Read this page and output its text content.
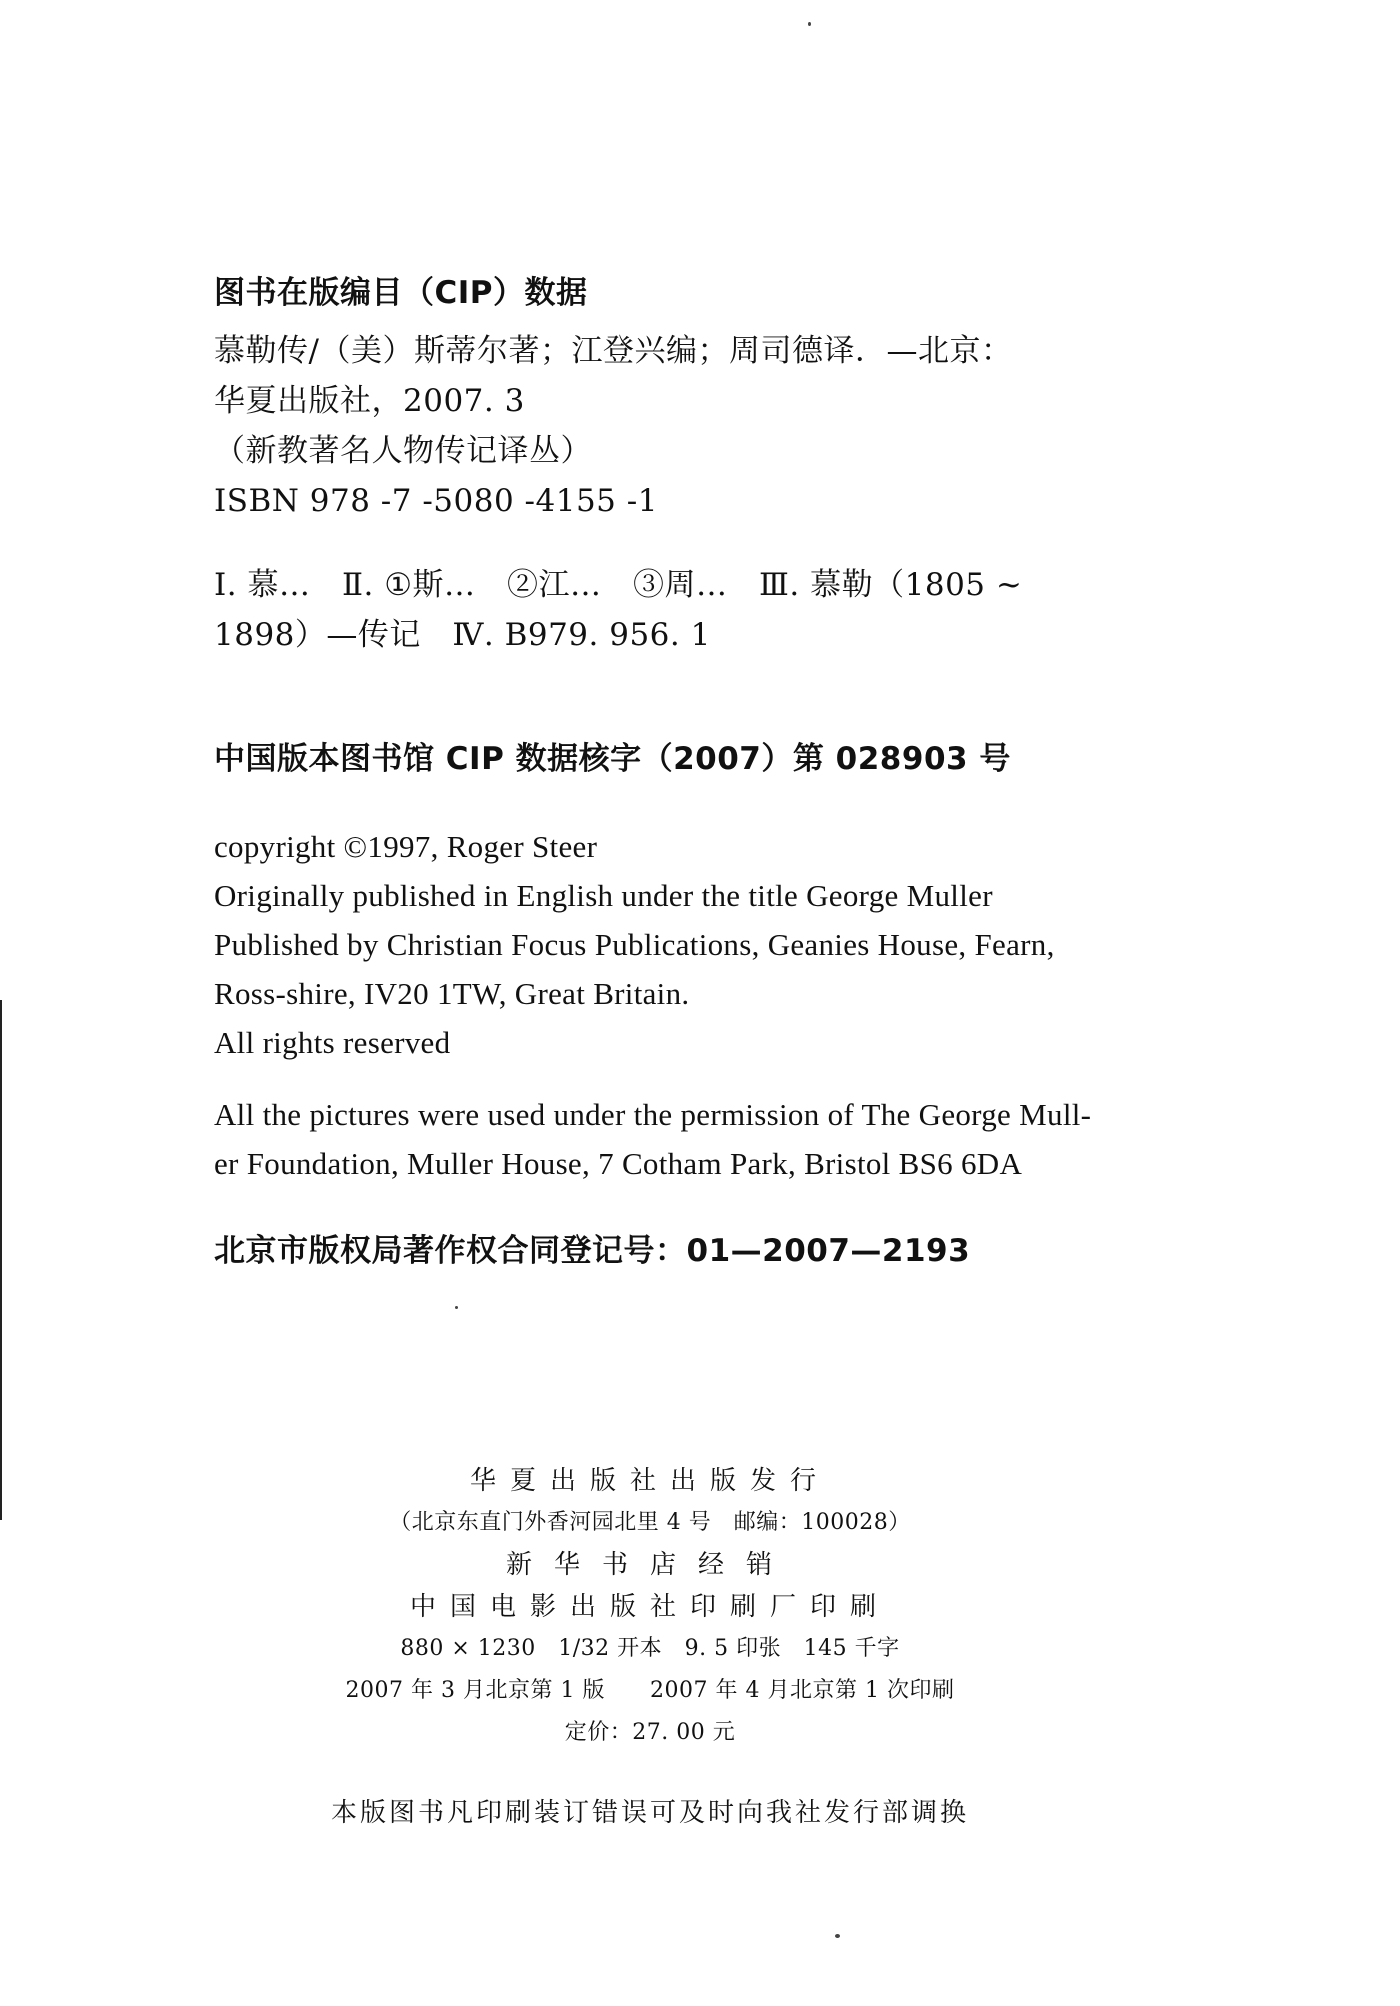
图书在版编目（CIP）数据
慕勒传/（美）斯蒂尔著；江登兴编；周司德译．—北京：
华夏出版社，2007. 3
（新教著名人物传记译丛）
ISBN 978 -7 -5080 -4155 -1
Ⅰ. 慕…　Ⅱ. ①斯…　②江…　③周…　Ⅲ. 慕勒（1805 ~
1898）—传记　Ⅳ. B979. 956. 1
中国版本图书馆 CIP 数据核字（2007）第 028903 号
copyright ©1997, Roger Steer
Originally published in English under the title George Muller
Published by Christian Focus Publications, Geanies House, Fearn,
Ross-shire, IV20 1TW, Great Britain.
All rights reserved
All the pictures were used under the permission of The George Mull-
er Foundation, Muller House, 7 Cotham Park, Bristol BS6 6DA
北京市版权局著作权合同登记号：01—2007—2193
华夏出版社出版发行
（北京东直门外香河园北里 4 号　邮编：100028）
新华书店经销
中国电影出版社印刷厂印刷
880 × 1230　1/32 开本　9. 5 印张　145 千字
2007 年 3 月北京第 1 版　　2007 年 4 月北京第 1 次印刷
定价：27. 00 元
本版图书凡印刷装订错误可及时向我社发行部调换
